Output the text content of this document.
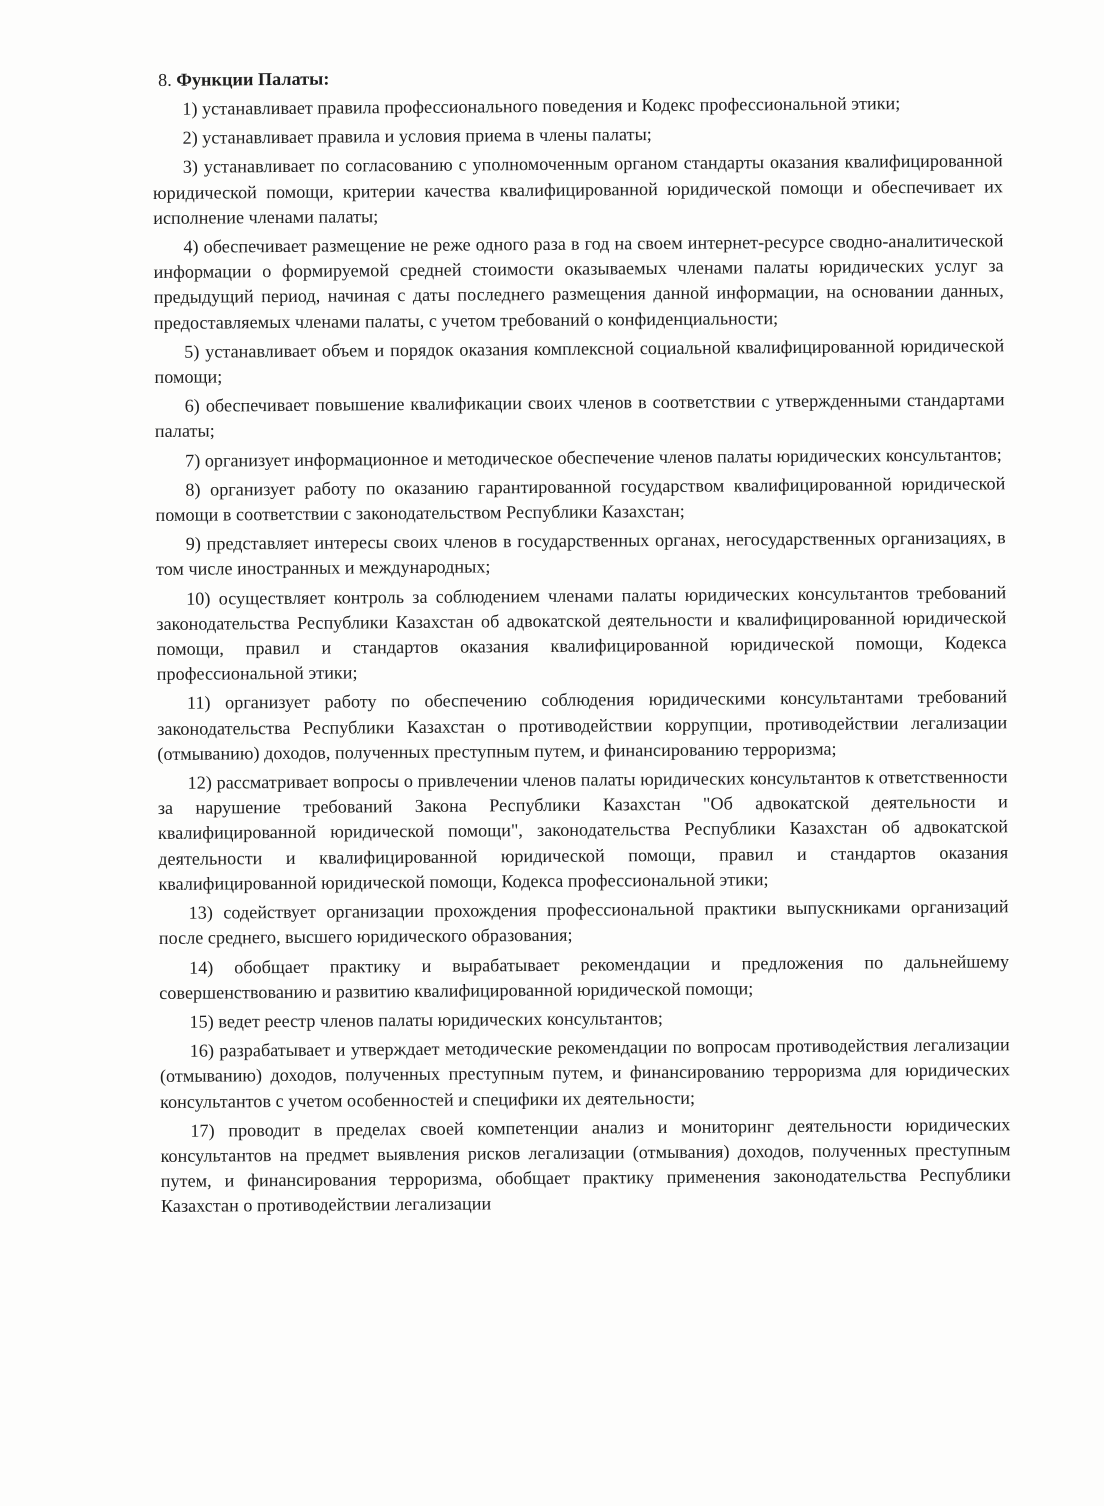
8. Функции Палаты:

1) устанавливает правила профессионального поведения и Кодекс профессиональной этики;

2) устанавливает правила и условия приема в члены палаты;

3) устанавливает по согласованию с уполномоченным органом стандарты оказания квалифицированной юридической помощи, критерии качества квалифицированной юридической помощи и обеспечивает их исполнение членами палаты;

4) обеспечивает размещение не реже одного раза в год на своем интернет-ресурсе сводно-аналитической информации о формируемой средней стоимости оказываемых членами палаты юридических услуг за предыдущий период, начиная с даты последнего размещения данной информации, на основании данных, предоставляемых членами палаты, с учетом требований о конфиденциальности;

5) устанавливает объем и порядок оказания комплексной социальной квалифицированной юридической помощи;

6) обеспечивает повышение квалификации своих членов в соответствии с утвержденными стандартами палаты;

7) организует информационное и методическое обеспечение членов палаты юридических консультантов;

8) организует работу по оказанию гарантированной государством квалифицированной юридической помощи в соответствии с законодательством Республики Казахстан;

9) представляет интересы своих членов в государственных органах, негосударственных организациях, в том числе иностранных и международных;

10) осуществляет контроль за соблюдением членами палаты юридических консультантов требований законодательства Республики Казахстан об адвокатской деятельности и квалифицированной юридической помощи, правил и стандартов оказания квалифицированной юридической помощи, Кодекса профессиональной этики;

11) организует работу по обеспечению соблюдения юридическими консультантами требований законодательства Республики Казахстан о противодействии коррупции, противодействии легализации (отмыванию) доходов, полученных преступным путем, и финансированию терроризма;

12) рассматривает вопросы о привлечении членов палаты юридических консультантов к ответственности за нарушение требований Закона Республики Казахстан "Об адвокатской деятельности и квалифицированной юридической помощи", законодательства Республики Казахстан об адвокатской деятельности и квалифицированной юридической помощи, правил и стандартов оказания квалифицированной юридической помощи, Кодекса профессиональной этики;

13) содействует организации прохождения профессиональной практики выпускниками организаций после среднего, высшего юридического образования;

14) обобщает практику и вырабатывает рекомендации и предложения по дальнейшему совершенствованию и развитию квалифицированной юридической помощи;

15) ведет реестр членов палаты юридических консультантов;

16) разрабатывает и утверждает методические рекомендации по вопросам противодействия легализации (отмыванию) доходов, полученных преступным путем, и финансированию терроризма для юридических консультантов с учетом особенностей и специфики их деятельности;

17) проводит в пределах своей компетенции анализ и мониторинг деятельности юридических консультантов на предмет выявления рисков легализации (отмывания) доходов, полученных преступным путем, и финансирования терроризма, обобщает практику применения законодательства Республики Казахстан о противодействии легализации
